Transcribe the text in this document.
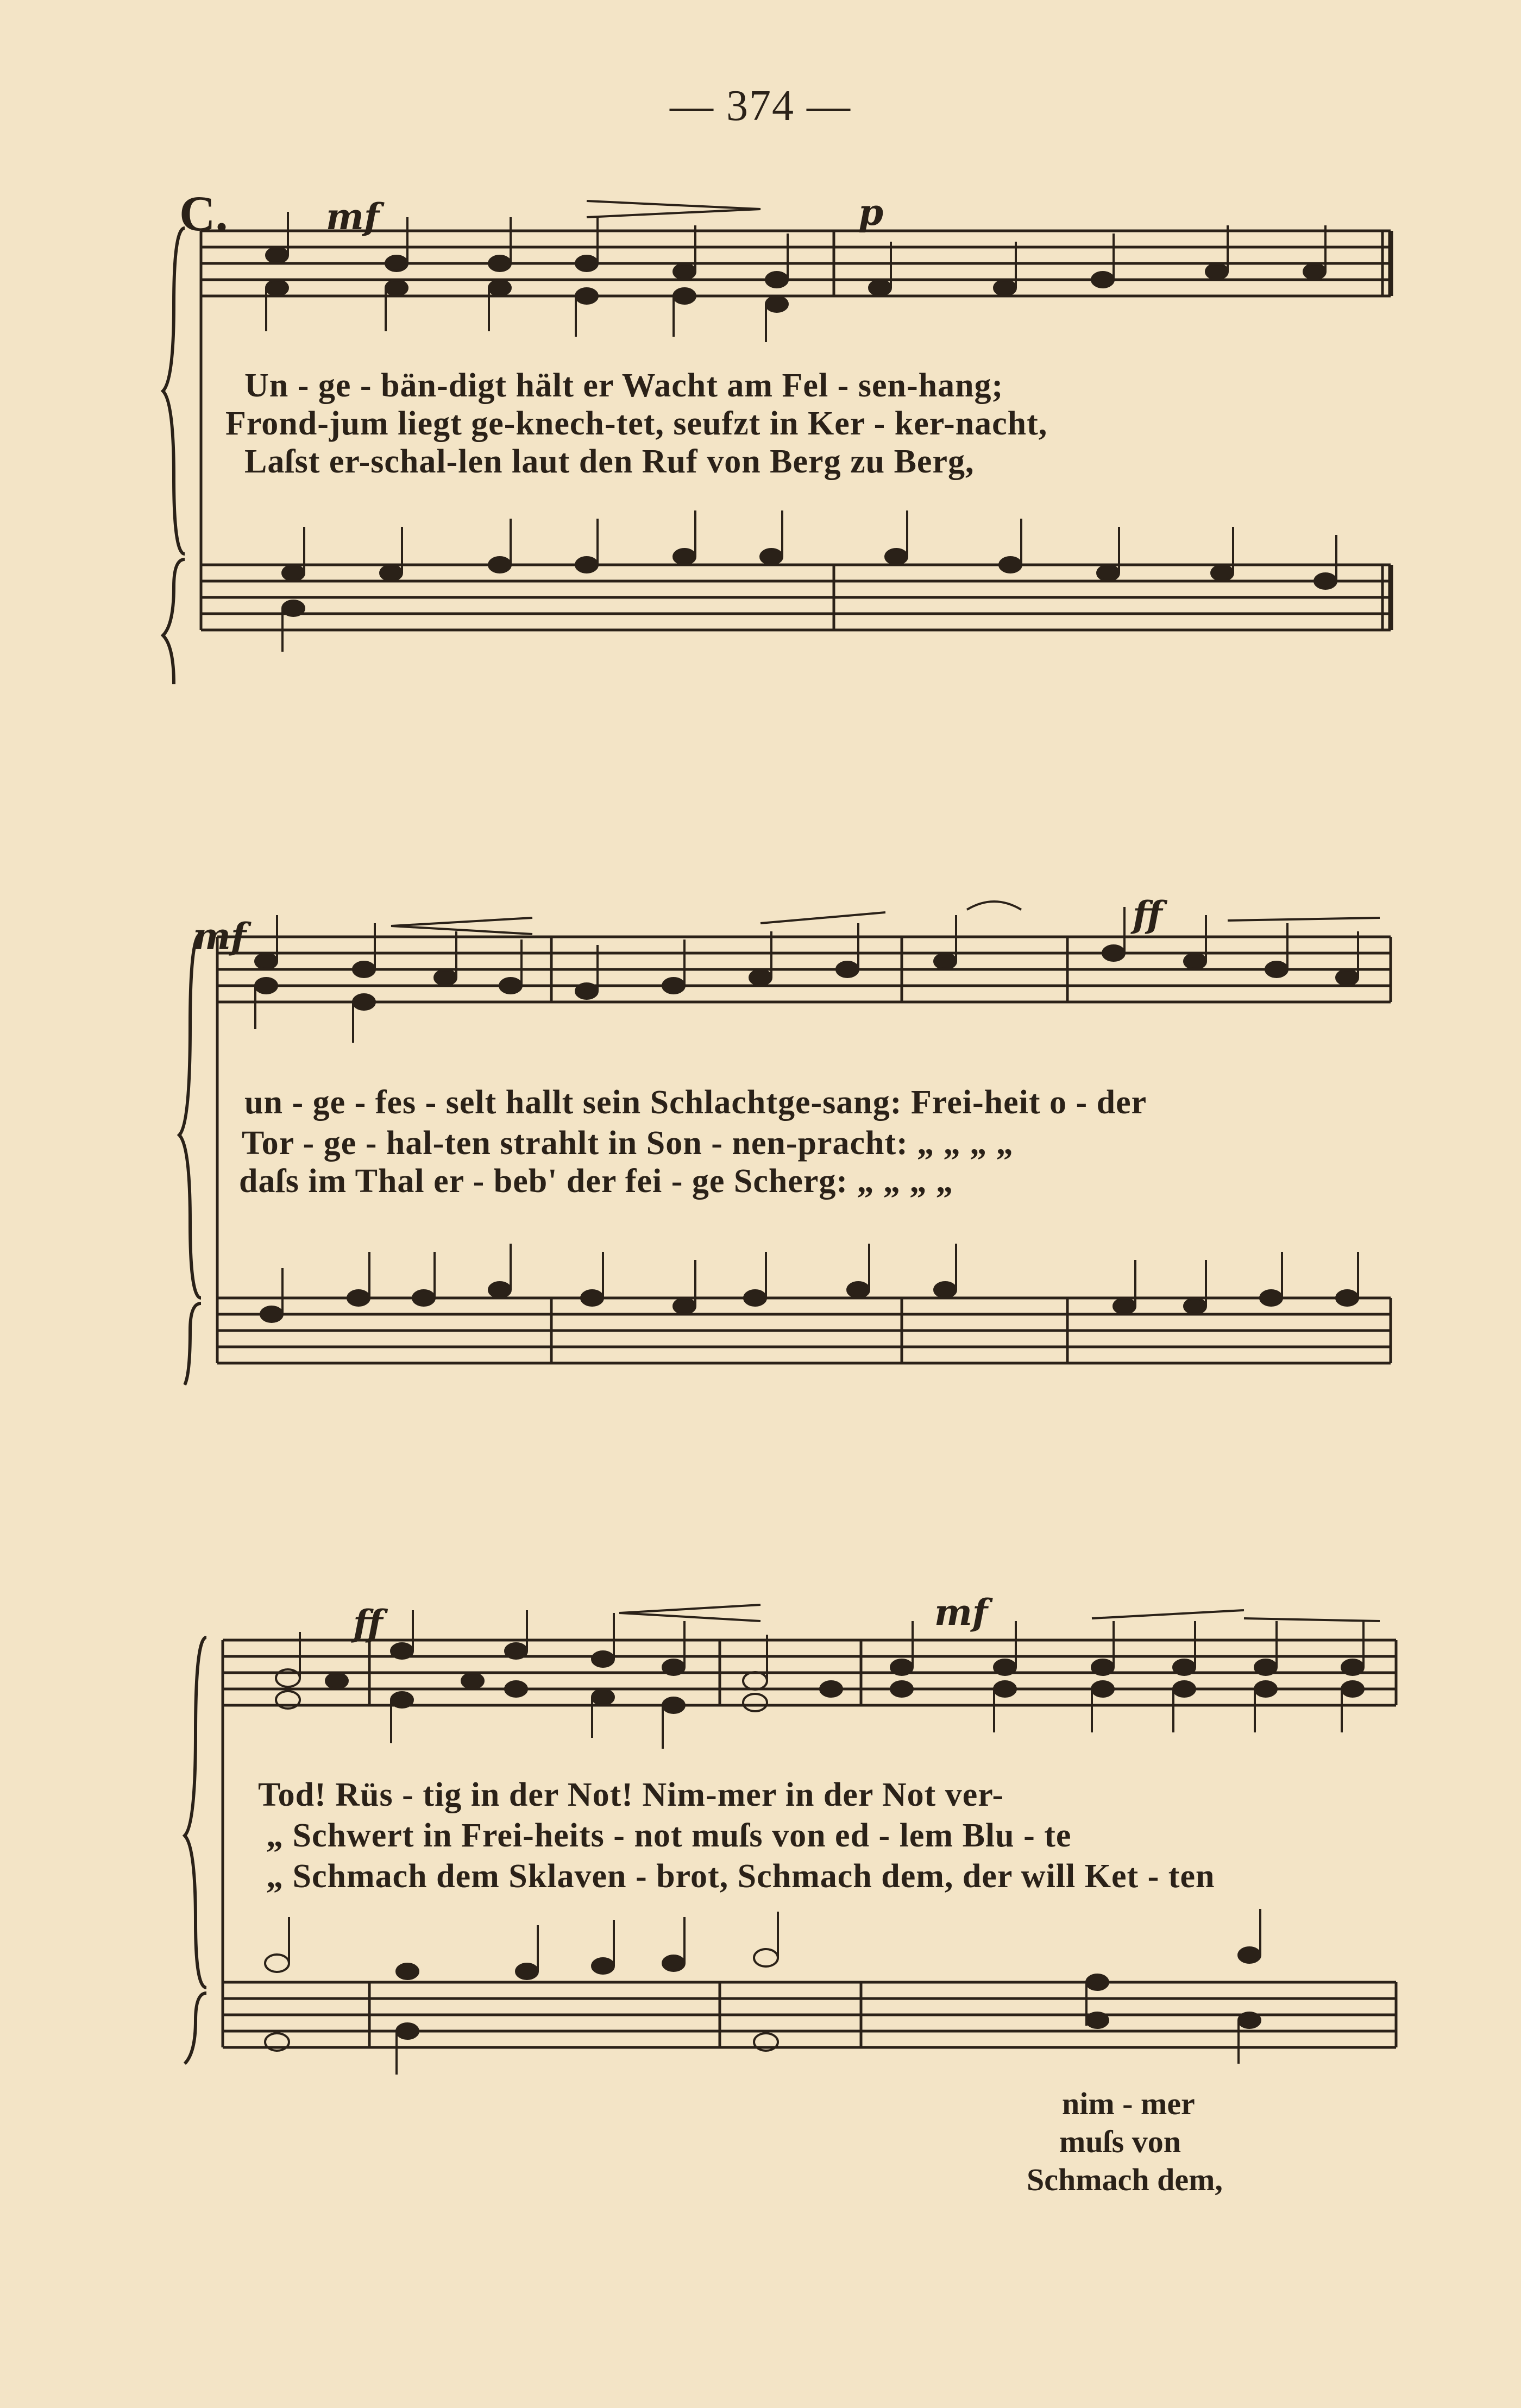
— 374 —
C.	mf	p
Un - ge - bän-digt hält er Wacht am Fel - sen-hang;
Frond-jum liegt ge-knech-tet, seufzt in Ker - ker-nacht,
Laſst er-schal-len laut den Ruf von Berg zu Berg,
mf
ff
un - ge - fes - selt hallt sein Schlachtge-sang: Frei-heit o - der
Tor - ge - hal-ten strahlt in Son - nen-pracht: „ „ „ „
daſs im Thal er - beb' der fei - ge Scherg: „ „ „ „
ff	mf
Tod! Rüs - tig in der Not! Nim-mer in der Not ver-
„ Schwert in Frei-heits - not muſs von ed - lem Blu - te
„ Schmach dem Sklaven - brot, Schmach dem, der will Ket - ten
nim - mer
muſs von
Schmach dem,
